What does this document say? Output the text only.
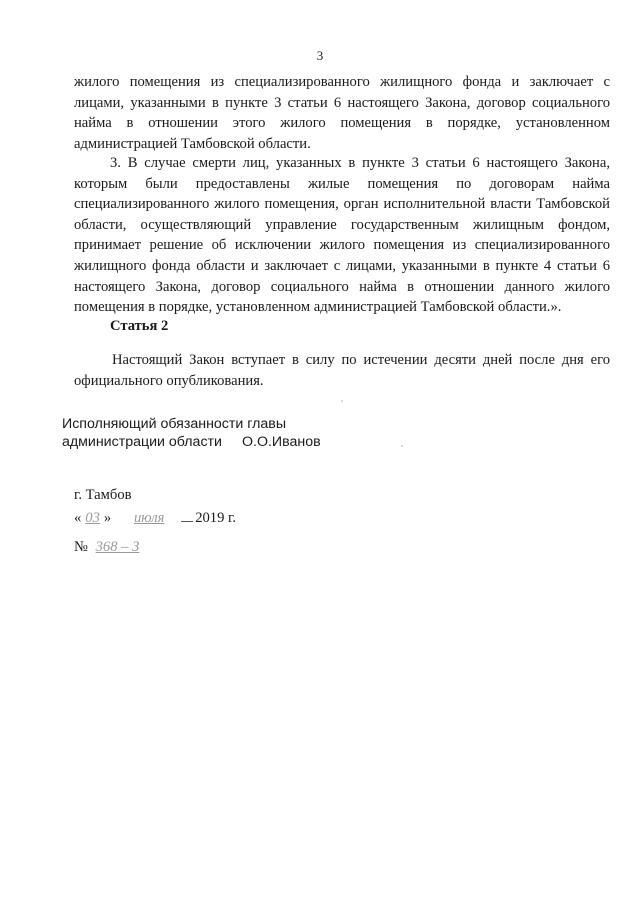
3
жилого помещения из специализированного жилищного фонда и заключает с лицами, указанными в пункте 3 статьи 6 настоящего Закона, договор социального найма в отношении этого жилого помещения в порядке, установленном администрацией Тамбовской области.
3. В случае смерти лиц, указанных в пункте 3 статьи 6 настоящего Закона, которым были предоставлены жилые помещения по договорам найма специализированного жилого помещения, орган исполнительной власти Тамбовской области, осуществляющий управление государственным жилищным фондом, принимает решение об исключении жилого помещения из специализированного жилищного фонда области и заключает с лицами, указанными в пункте 4 статьи 6 настоящего Закона, договор социального найма в отношении данного жилого помещения в порядке, установленном администрацией Тамбовской области.».
Статья 2
Настоящий Закон вступает в силу по истечении десяти дней после дня его официального опубликования.
Исполняющий обязанности главы
администрации области О.О.Иванов
г. Тамбов
« 03 » июля 2019 г.
№ 368 – З
